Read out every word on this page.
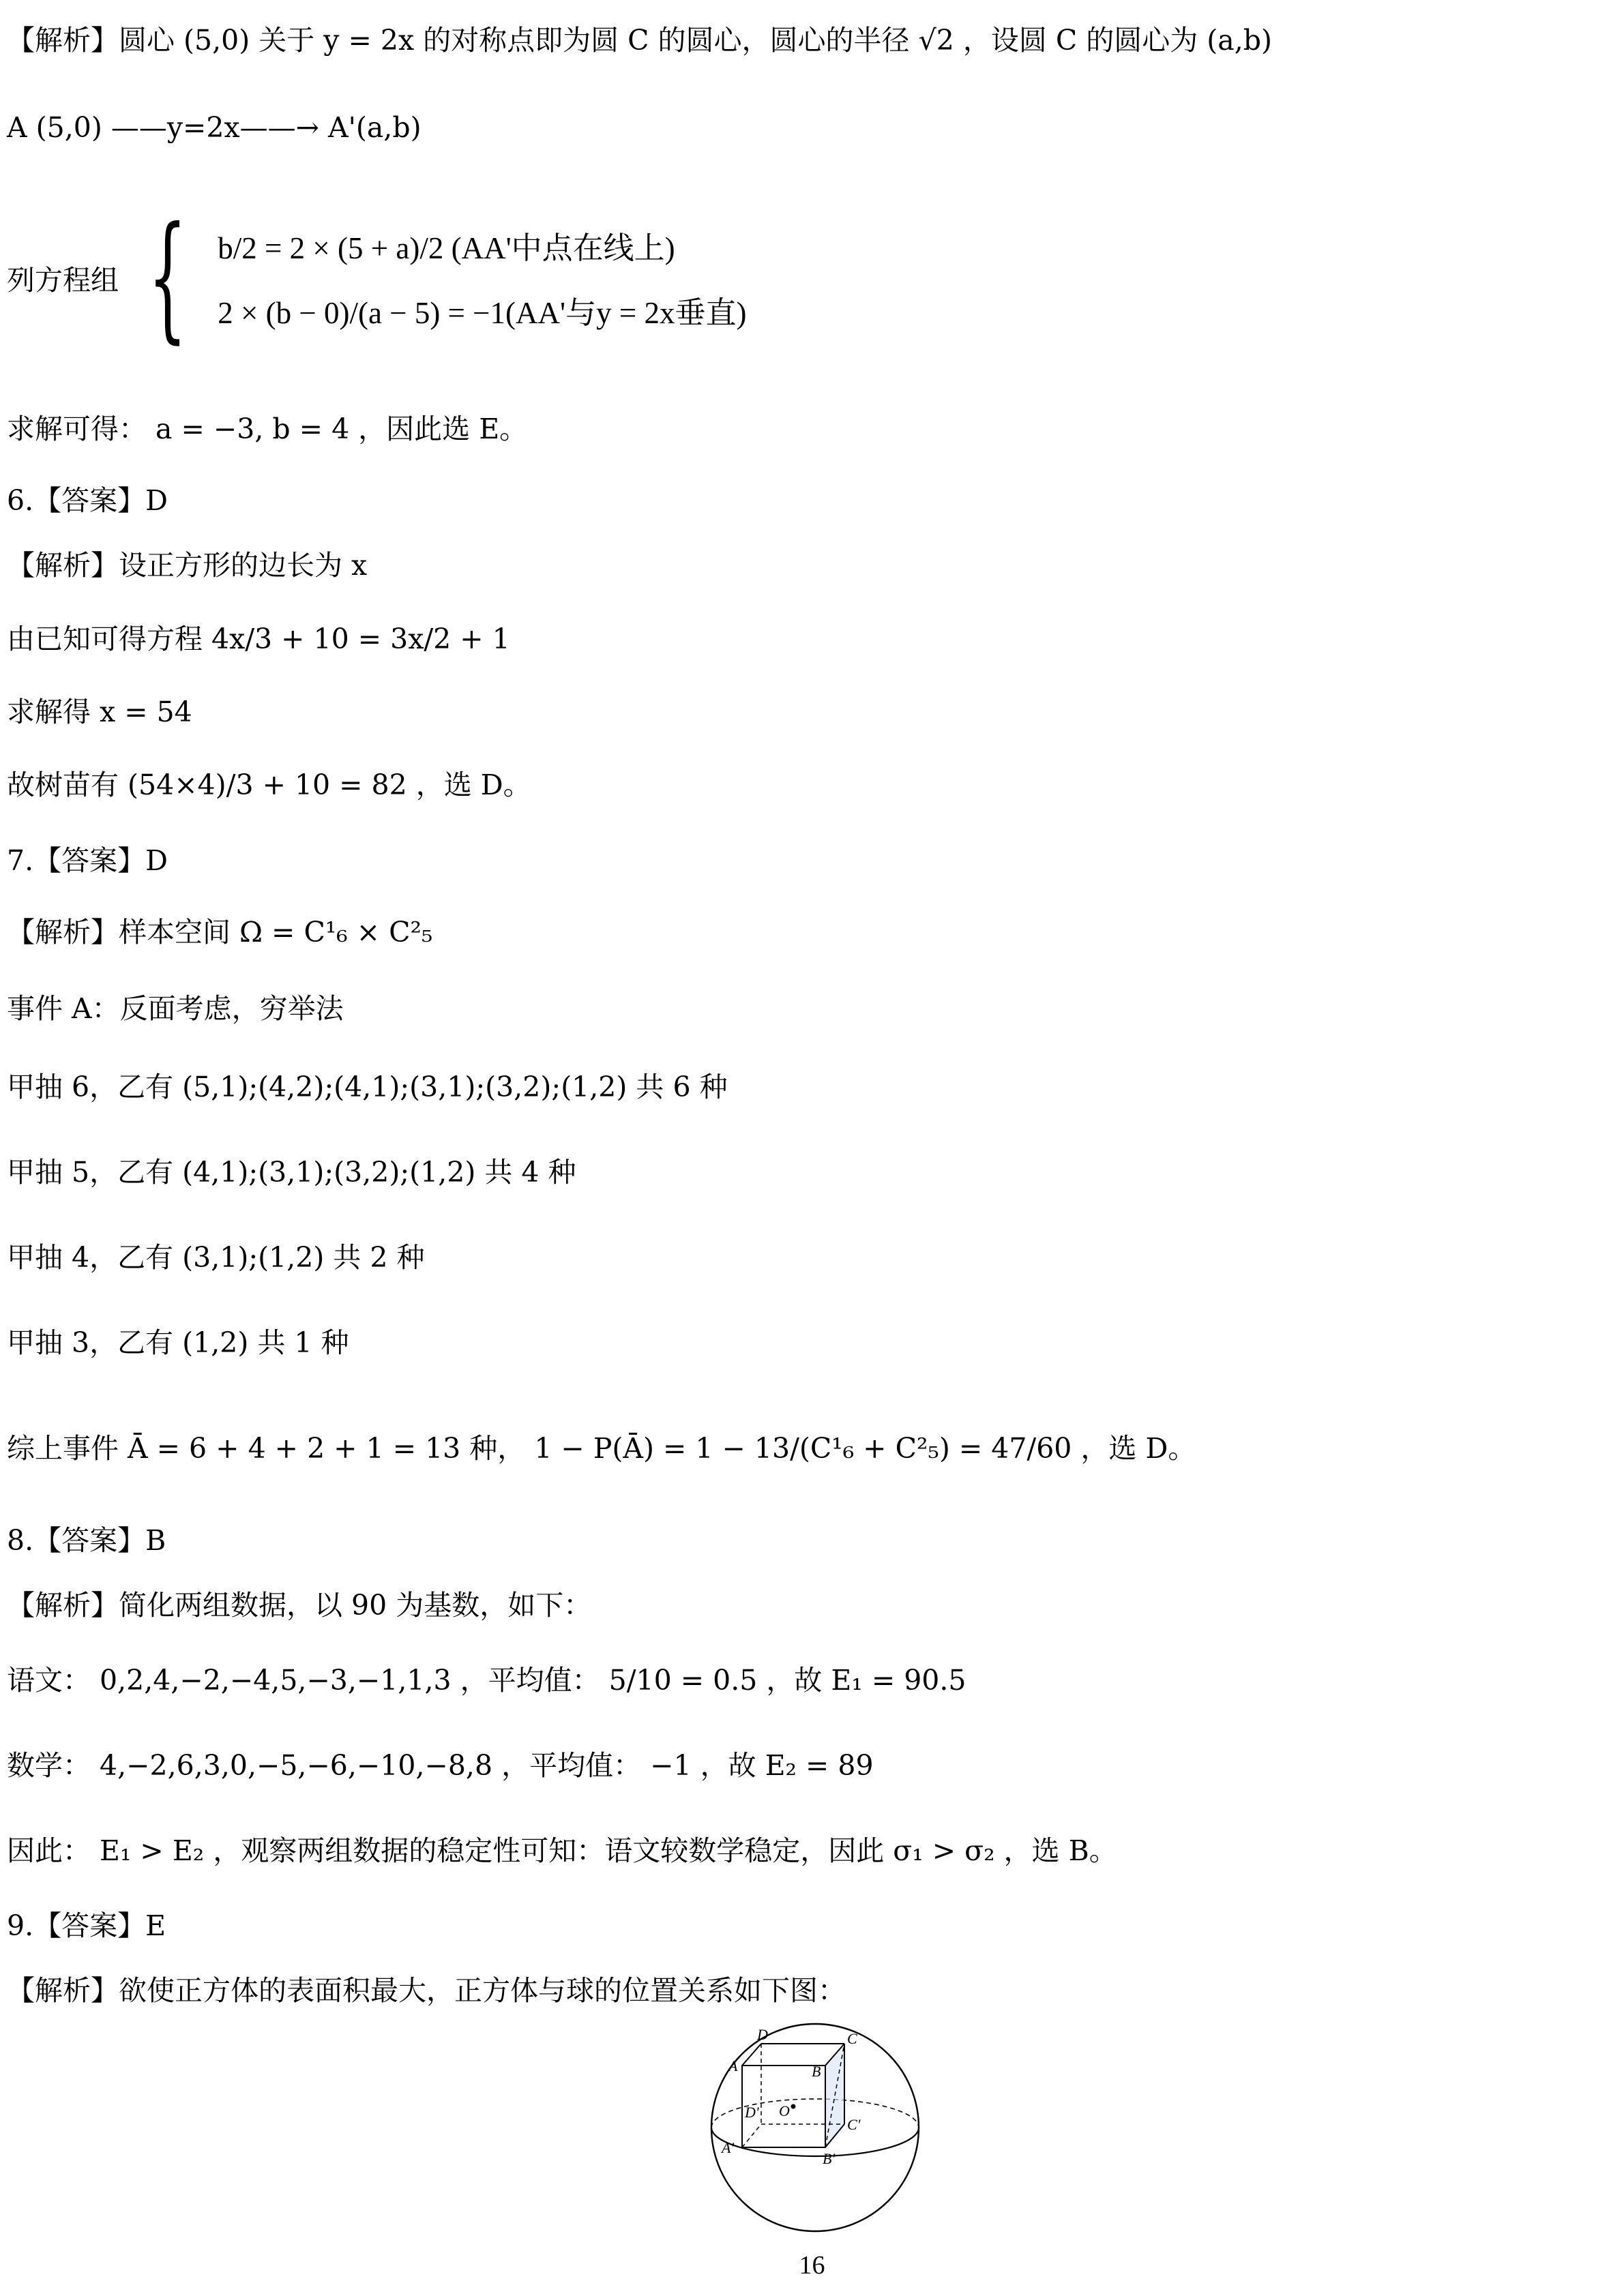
【解析】圆心 (5,0) 关于 y = 2x 的对称点即为圆 C 的圆心，圆心的半径 √2 ，设圆 C 的圆心为 (a,b)
A (5,0) ——y=2x——→ A'(a,b)
列方程组 { b/2 = 2 × (5 + a)/2 (AA'中点在线上)
2 × (b − 0)/(a − 5) = −1(AA'与y = 2x垂直)
求解可得： a = −3, b = 4 ，因此选 E。
6.【答案】D
【解析】设正方形的边长为 x
由已知可得方程 4x/3 + 10 = 3x/2 + 1
求解得 x = 54
故树苗有 (54×4)/3 + 10 = 82 ，选 D。
7.【答案】D
【解析】样本空间 Ω = C¹₆ × C²₅
事件 A：反面考虑，穷举法
甲抽 6，乙有 (5,1);(4,2);(4,1);(3,1);(3,2);(1,2) 共 6 种
甲抽 5，乙有 (4,1);(3,1);(3,2);(1,2) 共 4 种
甲抽 4，乙有 (3,1);(1,2) 共 2 种
甲抽 3，乙有 (1,2) 共 1 种
综上事件 Ā = 6 + 4 + 2 + 1 = 13 种， 1 − P(Ā) = 1 − 13/(C¹₆ + C²₅) = 47/60 ，选 D。
8.【答案】B
【解析】简化两组数据，以 90 为基数，如下：
语文： 0,2,4,−2,−4,5,−3,−1,1,3 ，平均值： 5/10 = 0.5 ，故 E₁ = 90.5
数学： 4,−2,6,3,0,−5,−6,−10,−8,8 ，平均值： −1 ，故 E₂ = 89
因此： E₁ > E₂ ，观察两组数据的稳定性可知：语文较数学稳定，因此 σ₁ > σ₂ ，选 B。
9.【答案】E
【解析】欲使正方体的表面积最大，正方体与球的位置关系如下图：
D	C
A	B
D' O
C'
A'
B'
16
